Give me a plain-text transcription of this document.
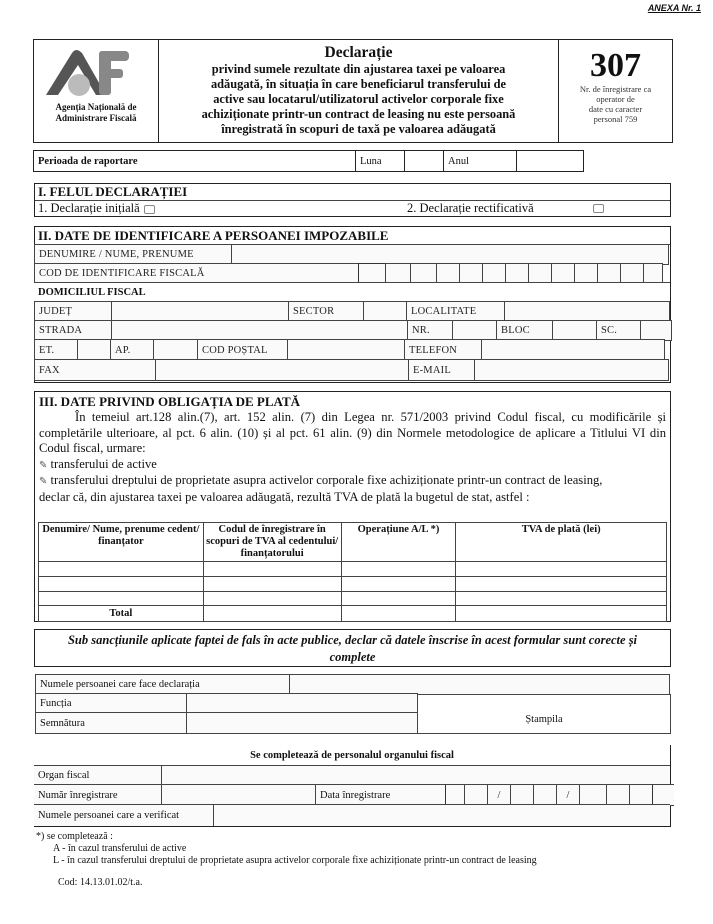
ANEXA Nr. 1
Agenția Națională de
Administrare Fiscală
Declarație
privind sumele rezultate din ajustarea taxei pe valoarea
adăugată, în situația în care beneficiarul transferului de
active sau locatarul/utilizatorul activelor corporale fixe
achiziționate printr-un contract de leasing nu este persoană
înregistrată în scopuri de taxă pe valoarea adăugată
307
Nr. de înregistrare ca
operator de
date cu caracter
personal 759
Perioada de raportare	Luna	Anul
I. FELUL DECLARAȚIEI
1. Declarație inițială	2. Declarație rectificativă
II. DATE DE IDENTIFICARE A PERSOANEI IMPOZABILE
DENUMIRE / NUME, PRENUME
COD DE IDENTIFICARE FISCALĂ
DOMICILIUL FISCAL
JUDEȚ	SECTOR	LOCALITATE
STRADA	NR.	BLOC	SC.
ET.	AP.	COD POȘTAL	TELEFON
FAX	E-MAIL
III. DATE PRIVIND OBLIGAȚIA DE PLATĂ
În temeiul art.128 alin.(7), art. 152 alin. (7) din Legea nr. 571/2003 privind Codul fiscal, cu modificările și completările ulterioare, al pct. 6 alin. (10) și al pct. 61 alin. (9) din Normele metodologice de aplicare a Titlului VI din Codul fiscal, urmare:
✎ transferului de active
✎ transferului dreptului de proprietate asupra activelor corporale fixe achiziționate printr-un contract de leasing,
declar că, din ajustarea taxei pe valoarea adăugată, rezultă TVA de plată la bugetul de stat, astfel :
Denumire/ Nume, prenume cedent/ finanțator	Codul de înregistrare în scopuri de TVA al cedentului/ finanțatorului	Operațiune A/L *)	TVA de plată (lei)

Total			
Sub sancțiunile aplicate faptei de fals în acte publice, declar că datele înscrise în acest formular sunt corecte și complete
Numele persoanei care face declarația
Funcția
Semnătura	Ștampila
Se completează de personalul organului fiscal
Organ fiscal
Număr înregistrare	Data înregistrare	/	/
Numele persoanei care a verificat
*) se completează :
A - în cazul transferului de active
L - în cazul transferului dreptului de proprietate asupra activelor corporale fixe achiziționate printr-un contract de leasing
Cod: 14.13.01.02/t.a.
